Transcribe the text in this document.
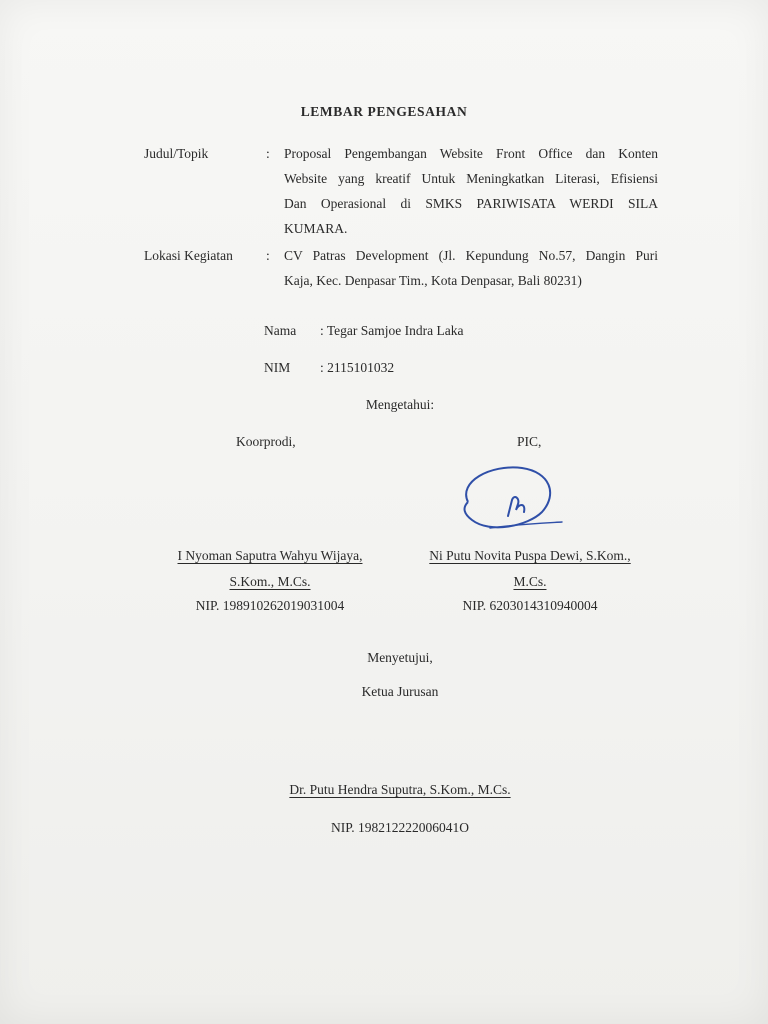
LEMBAR PENGESAHAN
Judul/Topik	: Proposal Pengembangan Website Front Office dan Konten
Website yang kreatif Untuk Meningkatkan Literasi, Efisiensi
Dan Operasional di SMKS PARIWISATA WERDI SILA
KUMARA.
Lokasi Kegiatan : CV Patras Development (Jl. Kepundung No.57, Dangin Puri
Kaja, Kec. Denpasar Tim., Kota Denpasar, Bali 80231)
Nama : Tegar Samjoe Indra Laka
NIM : 2115101032
Mengetahui:
Koorprodi,	PIC,
I Nyoman Saputra Wahyu Wijaya,
S.Kom., M.Cs.
NIP. 198910262019031004
Ni Putu Novita Puspa Dewi, S.Kom.,
M.Cs.
NIP. 6203014310940004
Menyetujui,
Ketua Jurusan
Dr. Putu Hendra Suputra, S.Kom., M.Cs.
NIP. 198212222006041O
